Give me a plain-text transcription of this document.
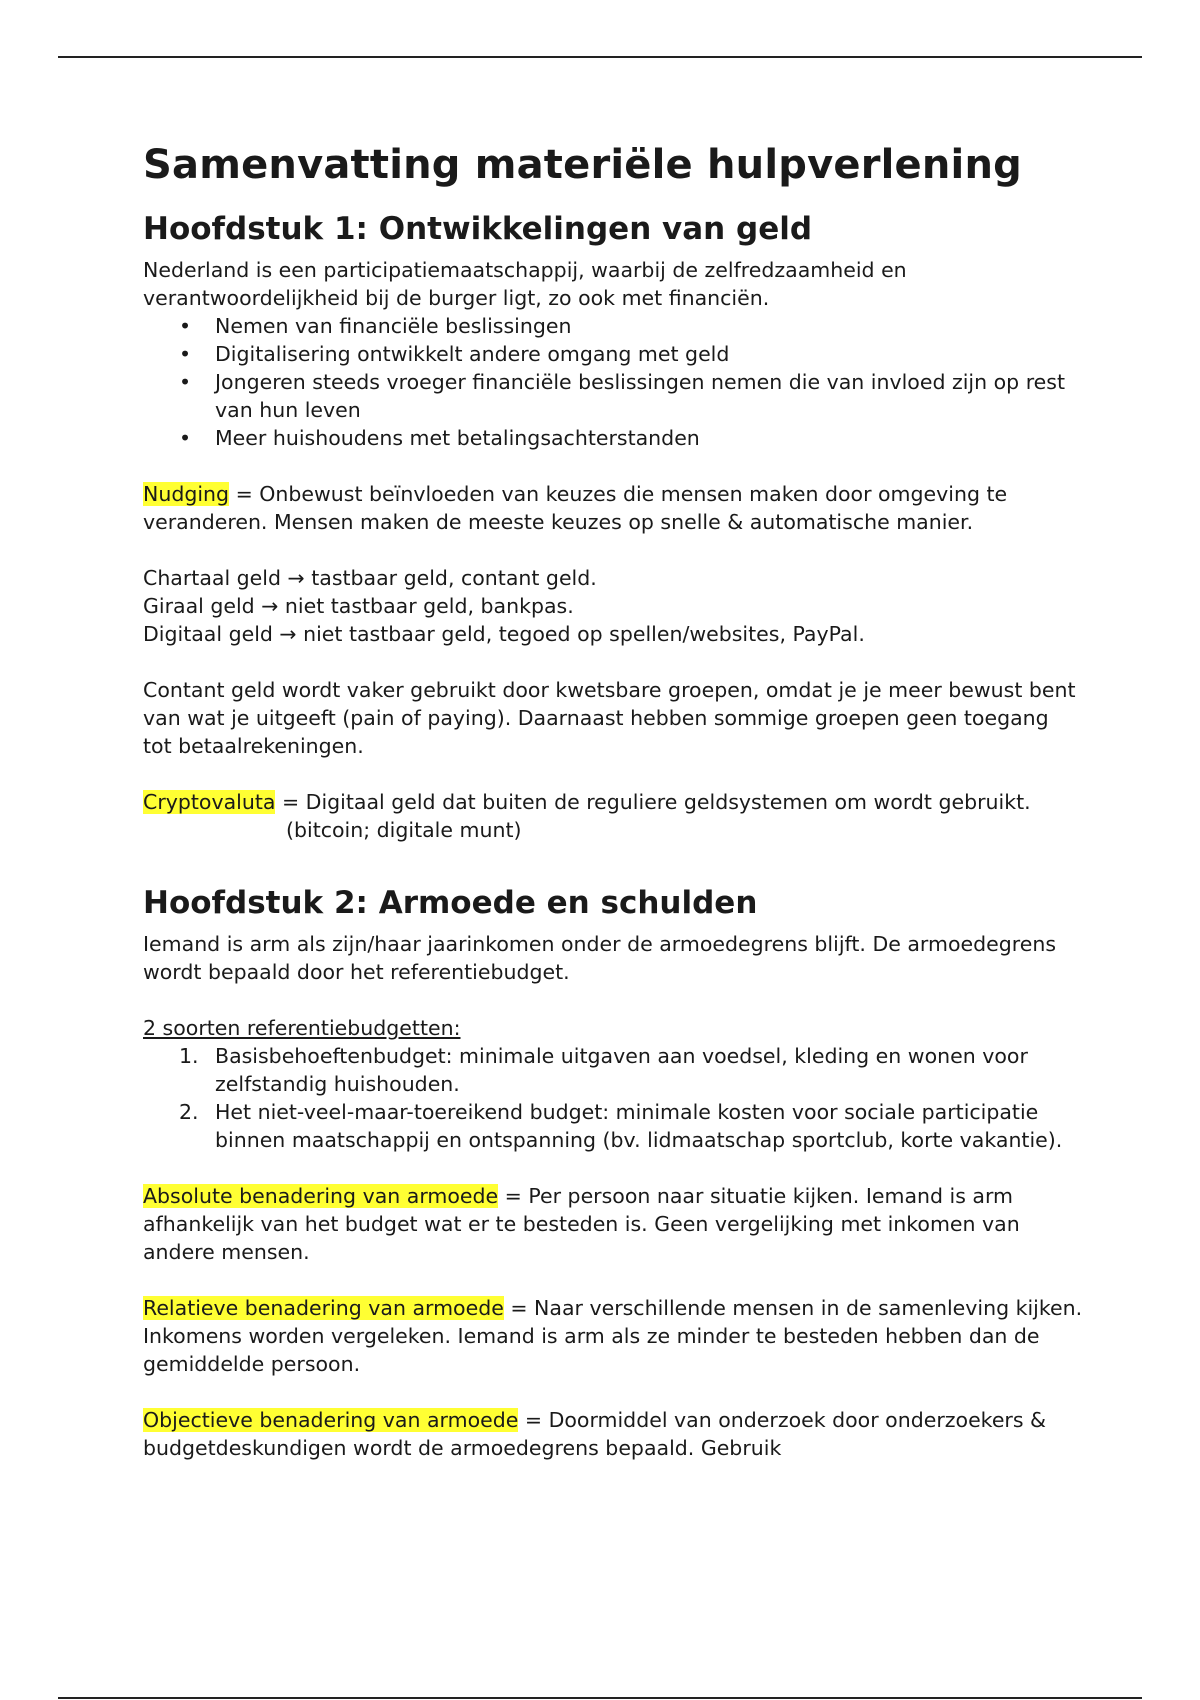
Samenvatting materiële hulpverlening
Hoofdstuk 1: Ontwikkelingen van geld

Nederland is een participatiemaatschappij, waarbij de zelfredzaamheid en verantwoordelijkheid bij de burger ligt, zo ook met financiën.

• Nemen van financiële beslissingen
• Digitalisering ontwikkelt andere omgang met geld
• Jongeren steeds vroeger financiële beslissingen nemen die van invloed zijn op rest van hun leven
• Meer huishoudens met betalingsachterstanden

Nudging = Onbewust beïnvloeden van keuzes die mensen maken door omgeving te veranderen. Mensen maken de meeste keuzes op snelle & automatische manier.

Chartaal geld → tastbaar geld, contant geld.

Giraal geld → niet tastbaar geld, bankpas.

Digitaal geld → niet tastbaar geld, tegoed op spellen/websites, PayPal.

Contant geld wordt vaker gebruikt door kwetsbare groepen, omdat je je meer bewust bent van wat je uitgeeft (pain of paying). Daarnaast hebben sommige groepen geen toegang tot betaalrekeningen.

Cryptovaluta = Digitaal geld dat buiten de reguliere geldsystemen om wordt gebruikt.

(bitcoin; digitale munt)

Hoofdstuk 2: Armoede en schulden

Iemand is arm als zijn/haar jaarinkomen onder de armoedegrens blijft. De armoedegrens wordt bepaald door het referentiebudget.

2 soorten referentiebudgetten:

1. Basisbehoeftenbudget: minimale uitgaven aan voedsel, kleding en wonen voor zelfstandig huishouden.
2. Het niet-veel-maar-toereikend budget: minimale kosten voor sociale participatie binnen maatschappij en ontspanning (bv. lidmaatschap sportclub, korte vakantie).

Absolute benadering van armoede = Per persoon naar situatie kijken. Iemand is arm afhankelijk van het budget wat er te besteden is. Geen vergelijking met inkomen van andere mensen.

Relatieve benadering van armoede = Naar verschillende mensen in de samenleving kijken. Inkomens worden vergeleken. Iemand is arm als ze minder te besteden hebben dan de gemiddelde persoon.

Objectieve benadering van armoede = Doormiddel van onderzoek door onderzoekers & budgetdeskundigen wordt de armoedegrens bepaald. Gebruik
